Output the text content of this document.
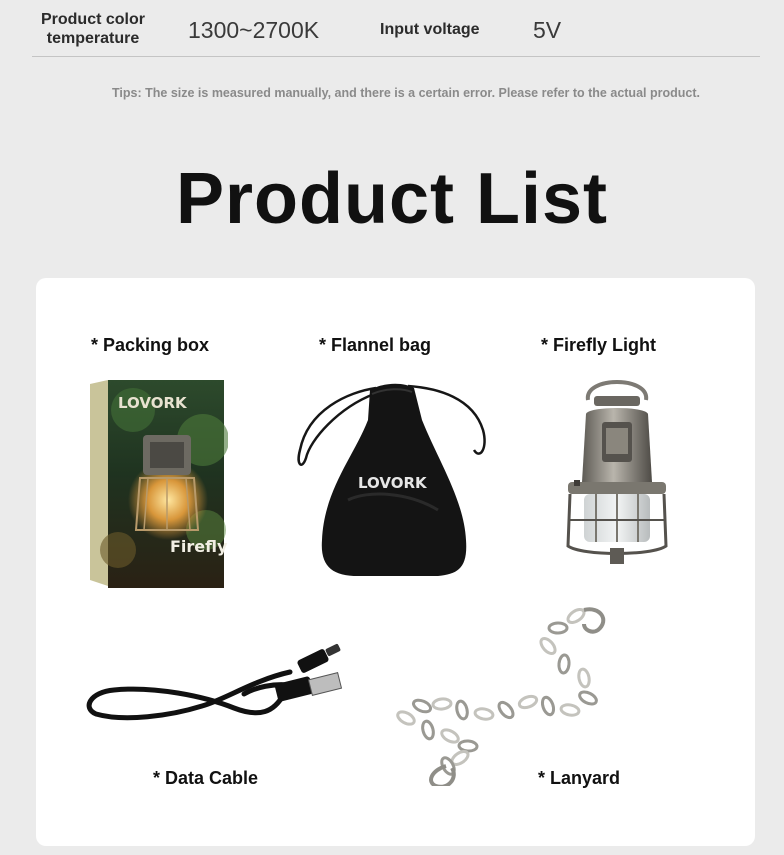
Product color
temperature	1300~2700K	Input voltage 5V
Tips: The size is measured manually, and there is a certain error. Please refer to the actual product.
Product List
* Packing box
LOVORK
Firefly
* Flannel bag
LOVORK
* Firefly Light
* Data Cable	* Lanyard
